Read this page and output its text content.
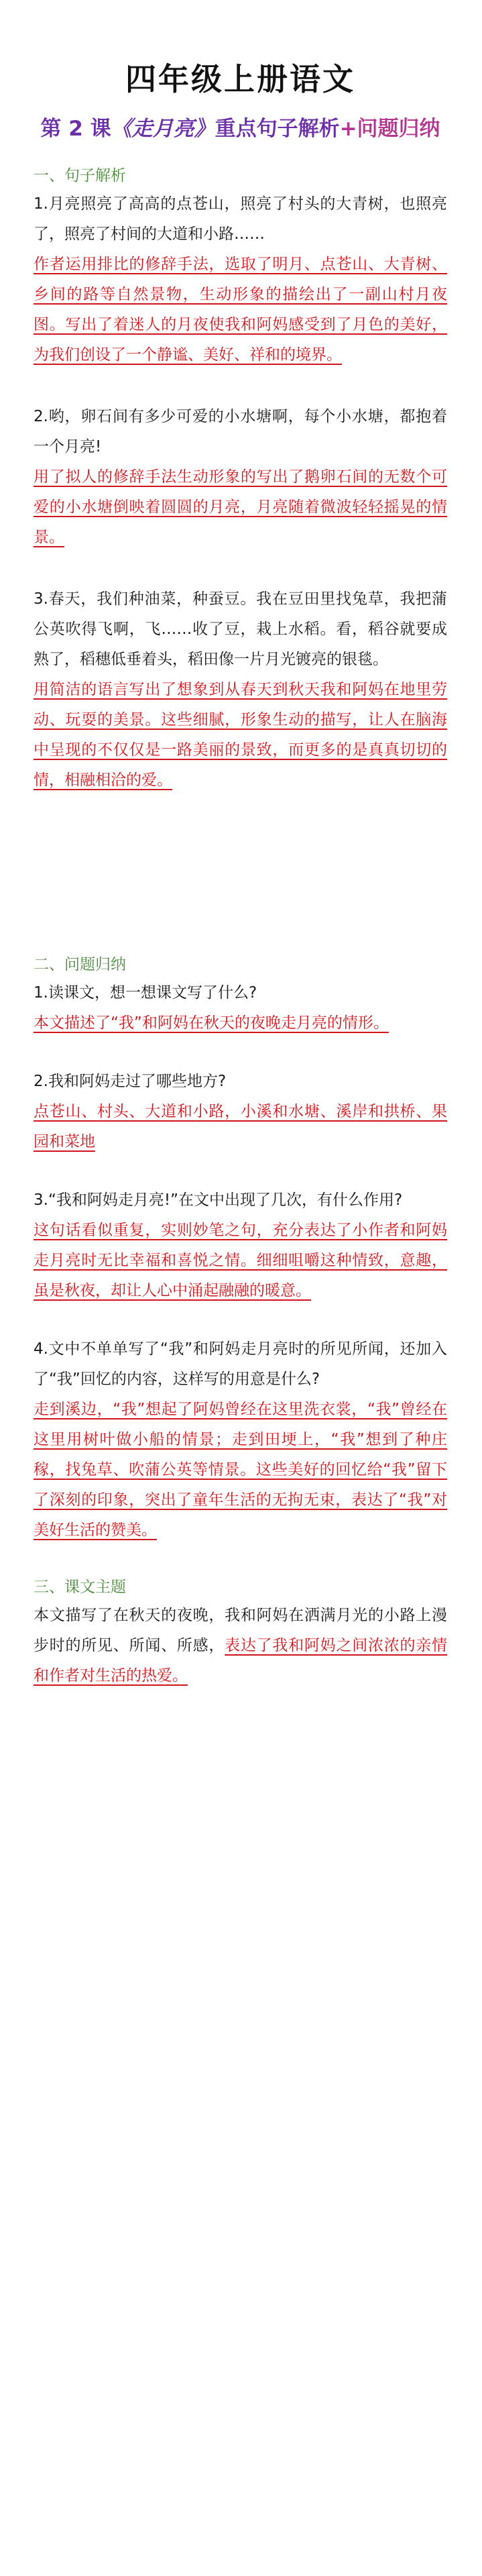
四年级上册语文
第 2 课《走月亮》重点句子解析+问题归纳

一、句子解析

1.月亮照亮了高高的点苍山，照亮了村头的大青树，也照亮了，照亮了村间的大道和小路……

作者运用排比的修辞手法，选取了明月、点苍山、大青树、乡间的路等自然景物，生动形象的描绘出了一副山村月夜图。写出了着迷人的月夜使我和阿妈感受到了月色的美好，为我们创设了一个静谧、美好、祥和的境界。

2.哟，卵石间有多少可爱的小水塘啊，每个小水塘，都抱着一个月亮!

用了拟人的修辞手法生动形象的写出了鹅卵石间的无数个可爱的小水塘倒映着圆圆的月亮，月亮随着微波轻轻摇晃的情景。

3.春天，我们种油菜，种蚕豆。我在豆田里找兔草，我把蒲公英吹得飞啊，飞……收了豆，栽上水稻。看，稻谷就要成熟了，稻穗低垂着头，稻田像一片月光镀亮的银毯。

用简洁的语言写出了想象到从春天到秋天我和阿妈在地里劳动、玩耍的美景。这些细腻，形象生动的描写，让人在脑海中呈现的不仅仅是一路美丽的景致，而更多的是真真切切的情，相融相洽的爱。

二、问题归纳

1.读课文，想一想课文写了什么?

本文描述了“我”和阿妈在秋天的夜晚走月亮的情形。

2.我和阿妈走过了哪些地方?

点苍山、村头、大道和小路，小溪和水塘、溪岸和拱桥、果园和菜地

3.“我和阿妈走月亮!”在文中出现了几次，有什么作用?

这句话看似重复，实则妙笔之句，充分表达了小作者和阿妈走月亮时无比幸福和喜悦之情。细细咀嚼这种情致，意趣，虽是秋夜，却让人心中涌起融融的暖意。

4.文中不单单写了“我”和阿妈走月亮时的所见所闻，还加入了“我”回忆的内容，这样写的用意是什么?

走到溪边，“我”想起了阿妈曾经在这里洗衣裳，“我”曾经在这里用树叶做小船的情景；走到田埂上，“我”想到了种庄稼，找兔草、吹蒲公英等情景。这些美好的回忆给“我”留下了深刻的印象，突出了童年生活的无拘无束，表达了“我”对美好生活的赞美。

三、课文主题

本文描写了在秋天的夜晚，我和阿妈在洒满月光的小路上漫步时的所见、所闻、所感，表达了我和阿妈之间浓浓的亲情和作者对生活的热爱。
